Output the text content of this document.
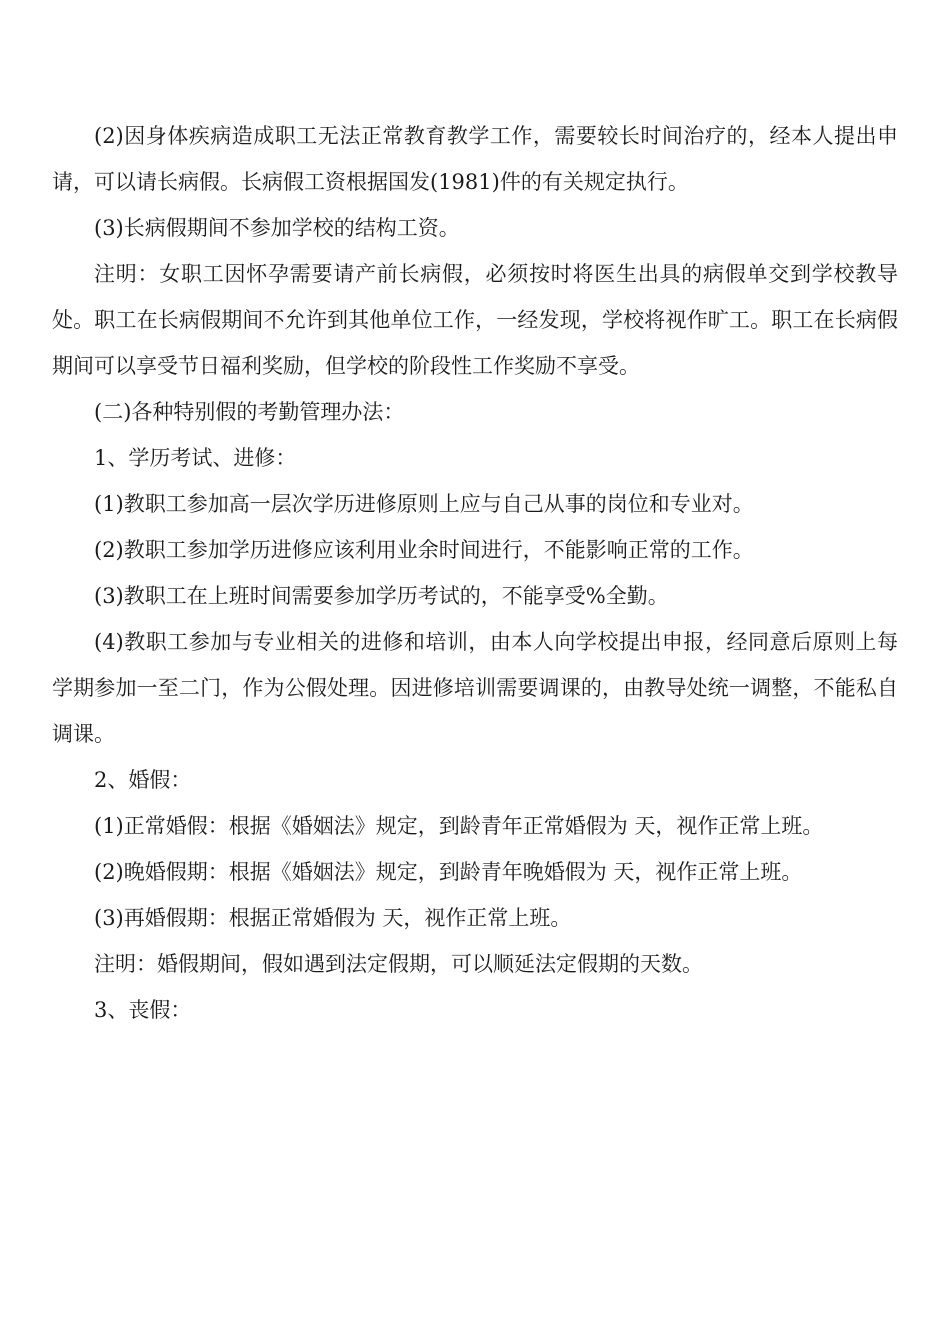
(2)因身体疾病造成职工无法正常教育教学工作，需要较长时间治疗的，经本人提出申请，可以请长病假。长病假工资根据国发(1981)件的有关规定执行。

(3)长病假期间不参加学校的结构工资。

注明：女职工因怀孕需要请产前长病假，必须按时将医生出具的病假单交到学校教导处。职工在长病假期间不允许到其他单位工作，一经发现，学校将视作旷工。职工在长病假期间可以享受节日福利奖励，但学校的阶段性工作奖励不享受。

(二)各种特别假的考勤管理办法：

1、学历考试、进修：

(1)教职工参加高一层次学历进修原则上应与自己从事的岗位和专业对。

(2)教职工参加学历进修应该利用业余时间进行，不能影响正常的工作。

(3)教职工在上班时间需要参加学历考试的，不能享受%全勤。

(4)教职工参加与专业相关的进修和培训，由本人向学校提出申报，经同意后原则上每学期参加一至二门，作为公假处理。因进修培训需要调课的，由教导处统一调整，不能私自调课。

2、婚假：

(1)正常婚假：根据《婚姻法》规定，到龄青年正常婚假为 天，视作正常上班。

(2)晚婚假期：根据《婚姻法》规定，到龄青年晚婚假为 天，视作正常上班。

(3)再婚假期：根据正常婚假为 天，视作正常上班。

注明：婚假期间，假如遇到法定假期，可以顺延法定假期的天数。

3、丧假：
